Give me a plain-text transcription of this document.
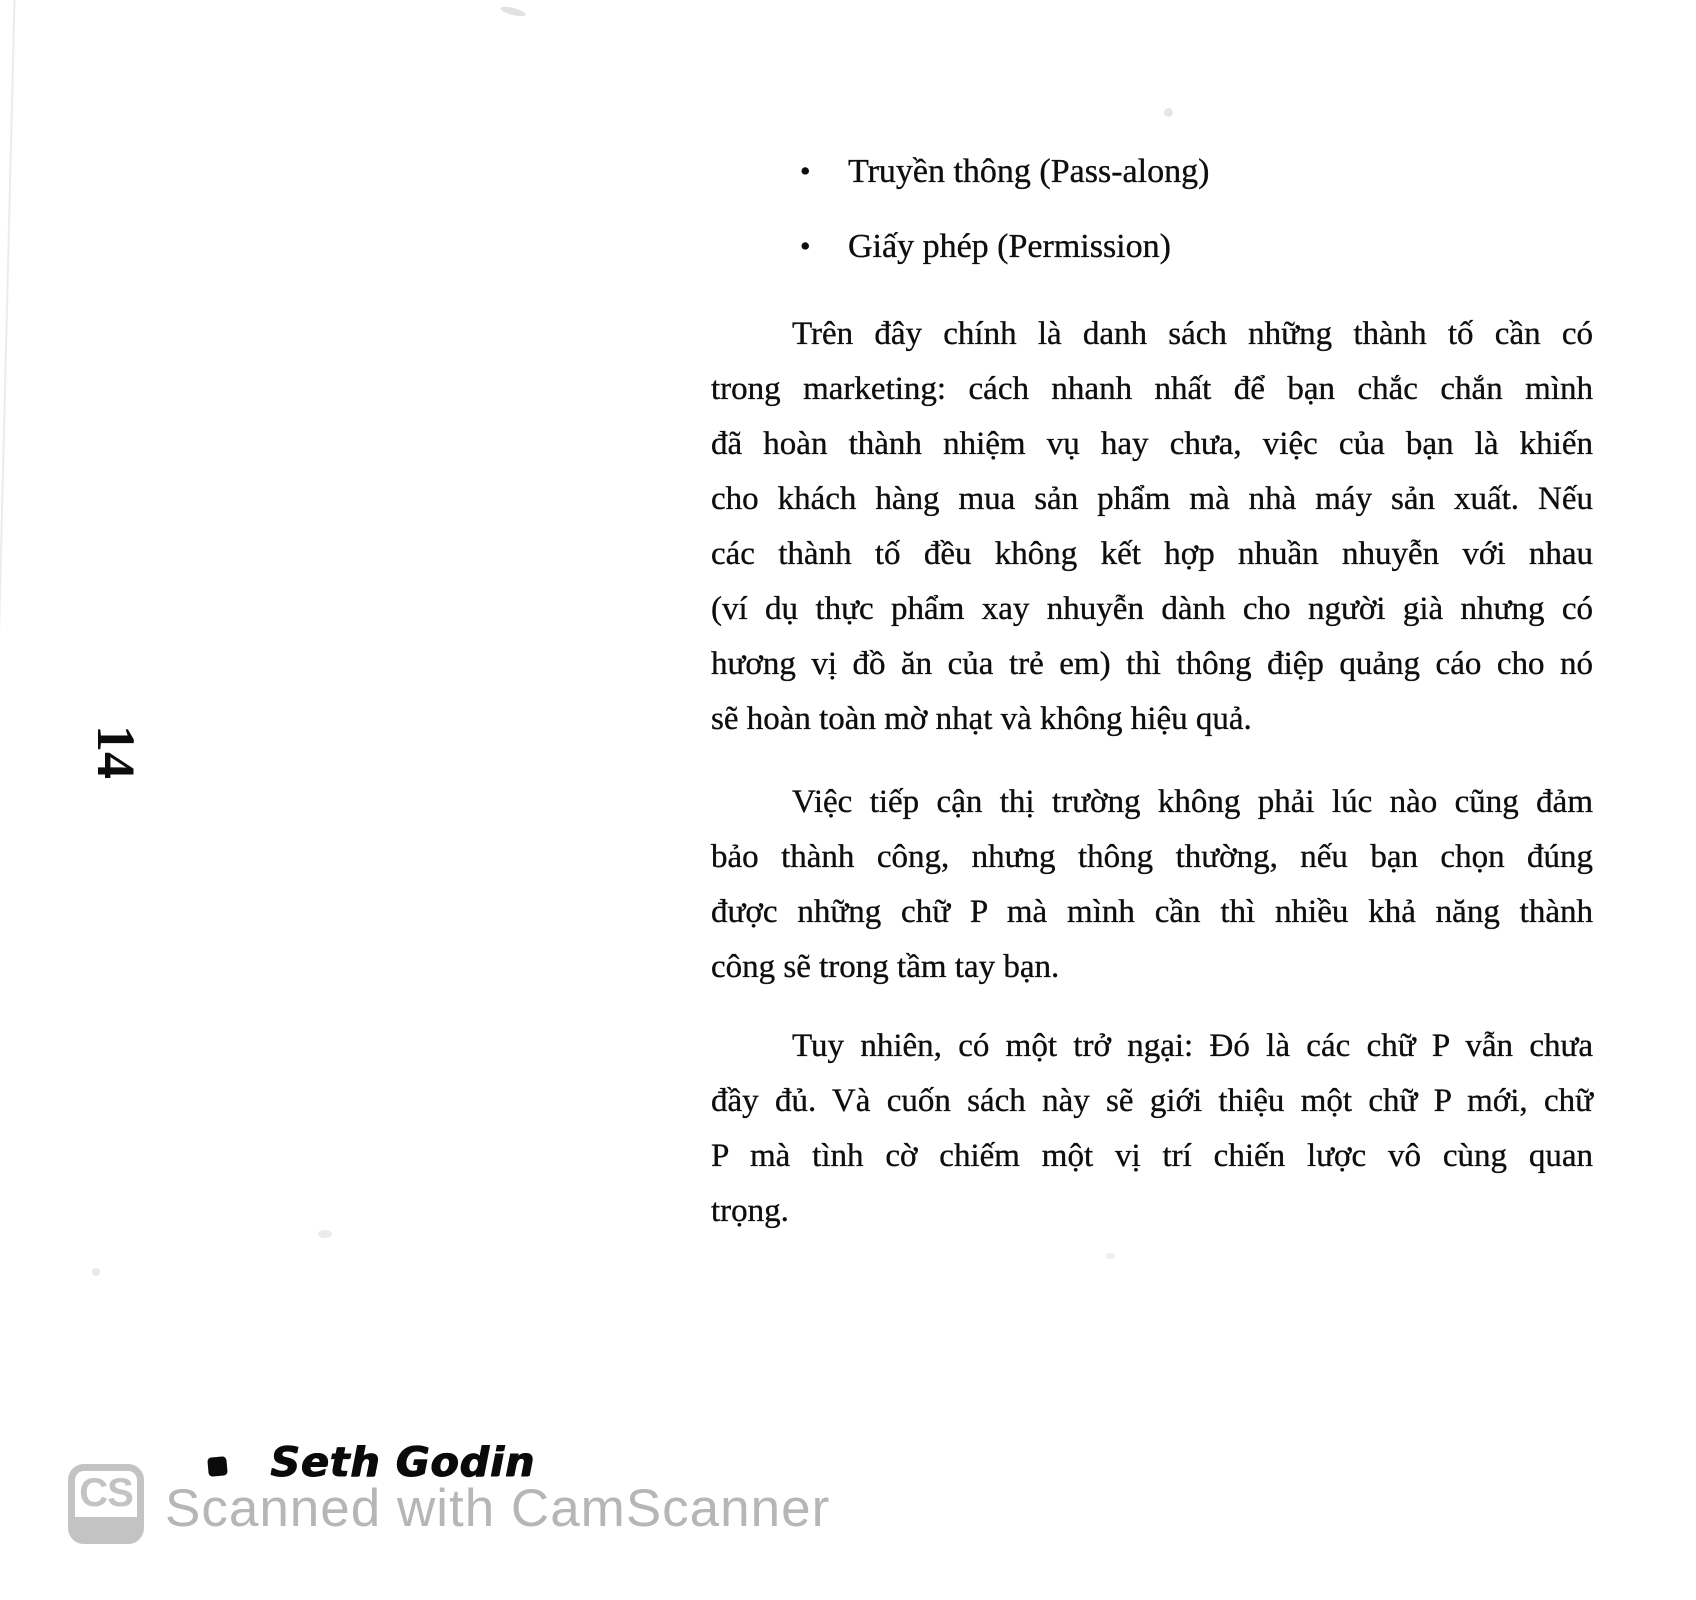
14
• Truyền thông (Pass-along)
• Giấy phép (Permission)
Trên đây chính là danh sách những thành tố cần có
trong marketing: cách nhanh nhất để bạn chắc chắn mình
đã hoàn thành nhiệm vụ hay chưa, việc của bạn là khiến
cho khách hàng mua sản phẩm mà nhà máy sản xuất. Nếu
các thành tố đều không kết hợp nhuần nhuyễn với nhau
(ví dụ thực phẩm xay nhuyễn dành cho người già nhưng có
hương vị đồ ăn của trẻ em) thì thông điệp quảng cáo cho nó
sẽ hoàn toàn mờ nhạt và không hiệu quả.
Việc tiếp cận thị trường không phải lúc nào cũng đảm
bảo thành công, nhưng thông thường, nếu bạn chọn đúng
được những chữ P mà mình cần thì nhiều khả năng thành
công sẽ trong tầm tay bạn.
Tuy nhiên, có một trở ngại: Đó là các chữ P vẫn chưa
đầy đủ. Và cuốn sách này sẽ giới thiệu một chữ P mới, chữ
P mà tình cờ chiếm một vị trí chiến lược vô cùng quan
trọng.
Seth Godin
CS Scanned with CamScanner
